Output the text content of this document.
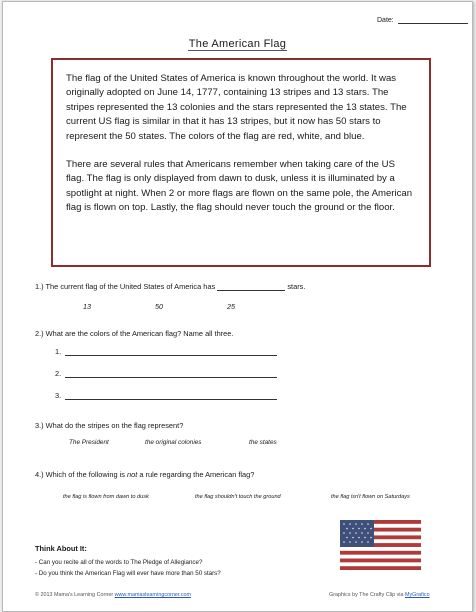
Date:
The American Flag

The flag of the United States of America is known throughout the world. It was originally adopted on June 14, 1777, containing 13 stripes and 13 stars. The stripes represented the 13 colonies and the stars represented the 13 states. The current US flag is similar in that it has 13 stripes, but it now has 50 stars to represent the 50 states. The colors of the flag are red, white, and blue.

There are several rules that Americans remember when taking care of the US flag. The flag is only displayed from dawn to dusk, unless it is illuminated by a spotlight at night. When 2 or more flags are flown on the same pole, the American flag is flown on top. Lastly, the flag should never touch the ground or the floor.

1.) The current flag of the United States of America has	stars.
13	50	25
2.) What are the colors of the American flag? Name all three.
1.
2.
3.
3.) What do the stripes on the flag represent?
The President	the original colonies	the states
4.) Which of the following is not a rule regarding the American flag?
the flag is flown from dawn to dusk	the flag shouldn't touch the ground	the flag isn't flown on Saturdays
Think About It:
- Can you recite all of the words to The Pledge of Allegiance?
- Do you think the American Flag will ever have more than 50 stars?
© 2013 Mama's Learning Corner www.mamaslearningcorner.com	Graphics by The Crafty Clip via MyGrafico
